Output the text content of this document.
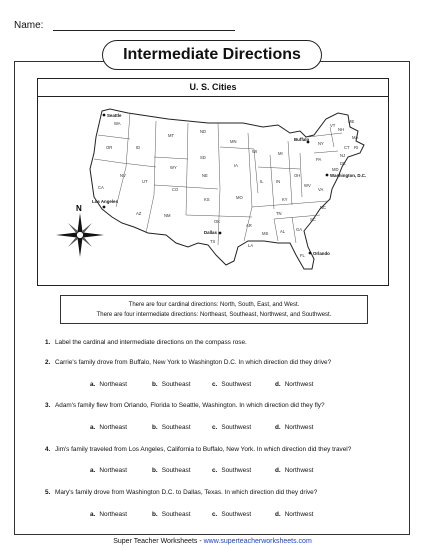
Name:
Intermediate Directions
U. S. Cities
WA
OR	ID
MT
ND
MN
WY
SD
WI	MI
NY
VT
NH
ME
MA
CT RI
NJ
DE
MD
CA
NV
UT
CO
NE
IA
IL	IN
OH
PA
WV
VA
KS	MO	KY
TN
NC
SC
AZ	NM
OK
AR
MS	AL	GA
TX
LA
FL
Seattle
Buffalo
Washington, D.C.
Los Angeles
Dallas
Orlando
N
There are four cardinal directions: North, South, East, and West.
There are four intermediate directions: Northeast, Southeast, Northwest, and Southwest.
1. Label the cardinal and intermediate directions on the compass rose.
2. Carrie's family drove from Buffalo, New York to Washington D.C. In which direction did they drive?
a. Northeast	b. Southeast	c. Southwest	d. Northwest
3. Adam's family flew from Orlando, Florida to Seattle, Washington. In which direction did they fly?
a. Northeast	b. Southeast	c. Southwest	d. Northwest
4. Jim's family traveled from Los Angeles, California to Buffalo, New York. In which direction did they travel?
a. Northeast	b. Southeast	c. Southwest	d. Northwest
5. Mary's family drove from Washington D.C. to Dallas, Texas. In which direction did they drive?
a. Northeast	b. Southeast	c. Southwest	d. Northwest
Super Teacher Worksheets - www.superteacherworksheets.com
